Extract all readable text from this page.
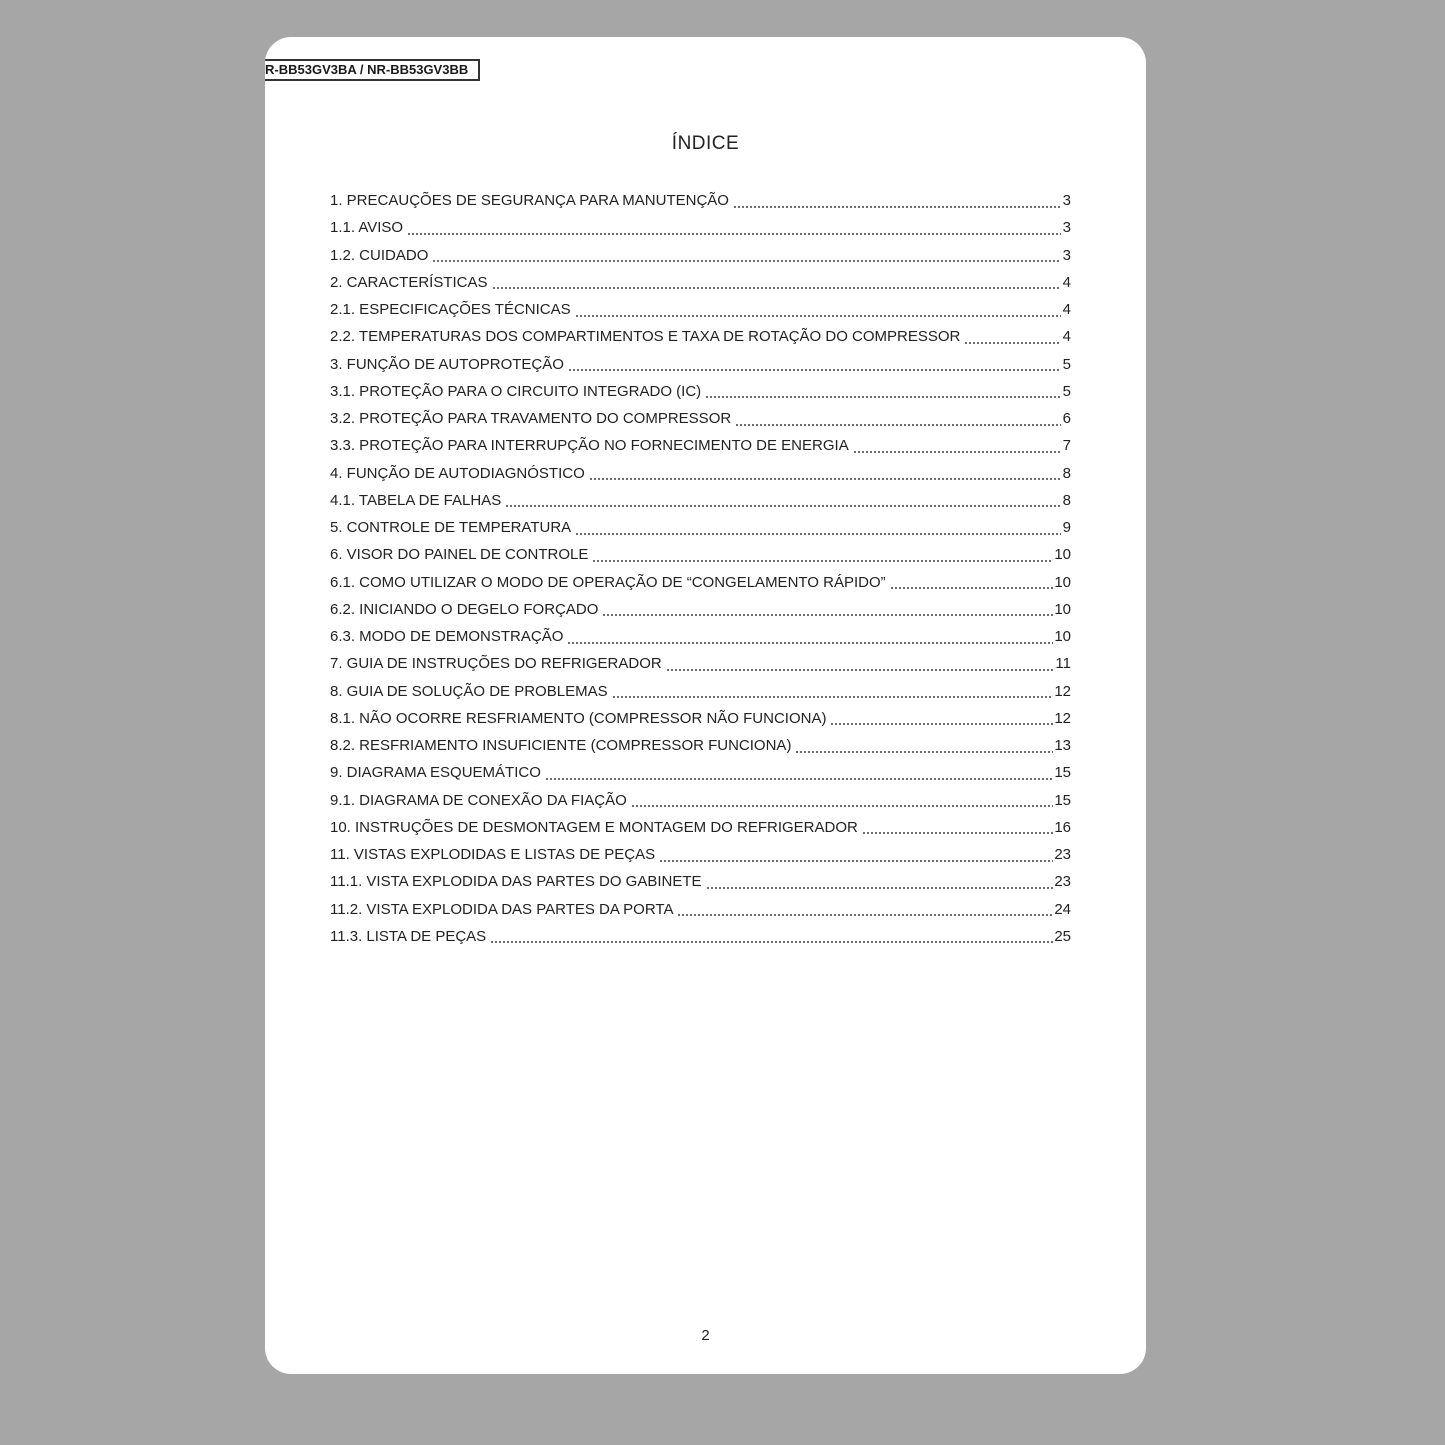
R-BB53GV3BA / NR-BB53GV3BB
ÍNDICE
1. PRECAUÇÕES DE SEGURANÇA PARA MANUTENÇÃO	3
1.1. AVISO	3
1.2. CUIDADO	3
2. CARACTERÍSTICAS	4
2.1. ESPECIFICAÇÕES TÉCNICAS	4
2.2. TEMPERATURAS DOS COMPARTIMENTOS E TAXA DE ROTAÇÃO DO COMPRESSOR	4
3. FUNÇÃO DE AUTOPROTEÇÃO	5
3.1. PROTEÇÃO PARA O CIRCUITO INTEGRADO (IC)	5
3.2. PROTEÇÃO PARA TRAVAMENTO DO COMPRESSOR	6
3.3. PROTEÇÃO PARA INTERRUPÇÃO NO FORNECIMENTO DE ENERGIA	7
4. FUNÇÃO DE AUTODIAGNÓSTICO	8
4.1. TABELA DE FALHAS	8
5. CONTROLE DE TEMPERATURA	9
6. VISOR DO PAINEL DE CONTROLE	10
6.1. COMO UTILIZAR O MODO DE OPERAÇÃO DE “CONGELAMENTO RÁPIDO”	10
6.2. INICIANDO O DEGELO FORÇADO	10
6.3. MODO DE DEMONSTRAÇÃO	10
7. GUIA DE INSTRUÇÕES DO REFRIGERADOR	11
8. GUIA DE SOLUÇÃO DE PROBLEMAS	12
8.1. NÃO OCORRE RESFRIAMENTO (COMPRESSOR NÃO FUNCIONA)	12
8.2. RESFRIAMENTO INSUFICIENTE (COMPRESSOR FUNCIONA)	13
9. DIAGRAMA ESQUEMÁTICO	15
9.1. DIAGRAMA DE CONEXÃO DA FIAÇÃO	15
10. INSTRUÇÕES DE DESMONTAGEM E MONTAGEM DO REFRIGERADOR	16
11. VISTAS EXPLODIDAS E LISTAS DE PEÇAS	23
11.1. VISTA EXPLODIDA DAS PARTES DO GABINETE	23
11.2. VISTA EXPLODIDA DAS PARTES DA PORTA	24
11.3. LISTA DE PEÇAS	25
2
